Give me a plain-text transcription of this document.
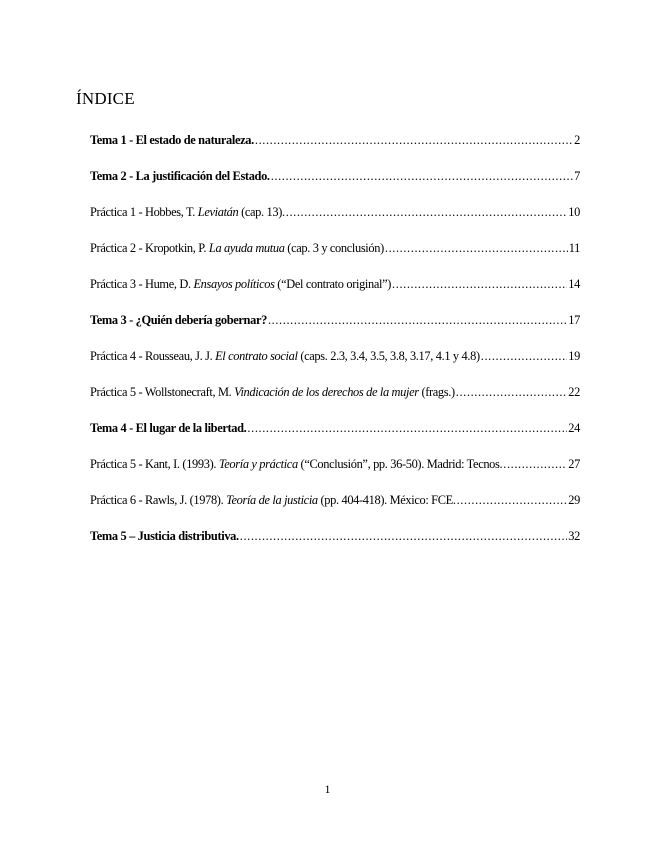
ÍNDICE
Tema 1 - El estado de naturaleza. .....	2
Tema 2 - La justificación del Estado. .....	7
Práctica 1 - Hobbes, T. Leviatán (cap. 13). .....	10
Práctica 2 - Kropotkin, P. La ayuda mutua (cap. 3 y conclusión) .....	11
Práctica 3 - Hume, D. Ensayos políticos (“Del contrato original”) .....	14
Tema 3 - ¿Quién debería gobernar? .....	17
Práctica 4 - Rousseau, J. J. El contrato social (caps. 2.3, 3.4, 3.5, 3.8, 3.17, 4.1 y 4.8) .....	19
Práctica 5 - Wollstonecraft, M. Vindicación de los derechos de la mujer (frags.) .....	22
Tema 4 - El lugar de la libertad. .....	24
Práctica 5 - Kant, I. (1993). Teoría y práctica (“Conclusión”, pp. 36-50). Madrid: Tecnos. .....	27
Práctica 6 - Rawls, J. (1978). Teoría de la justicia (pp. 404-418). México: FCE. .....	29
Tema 5 – Justicia distributiva. .....	32
1
